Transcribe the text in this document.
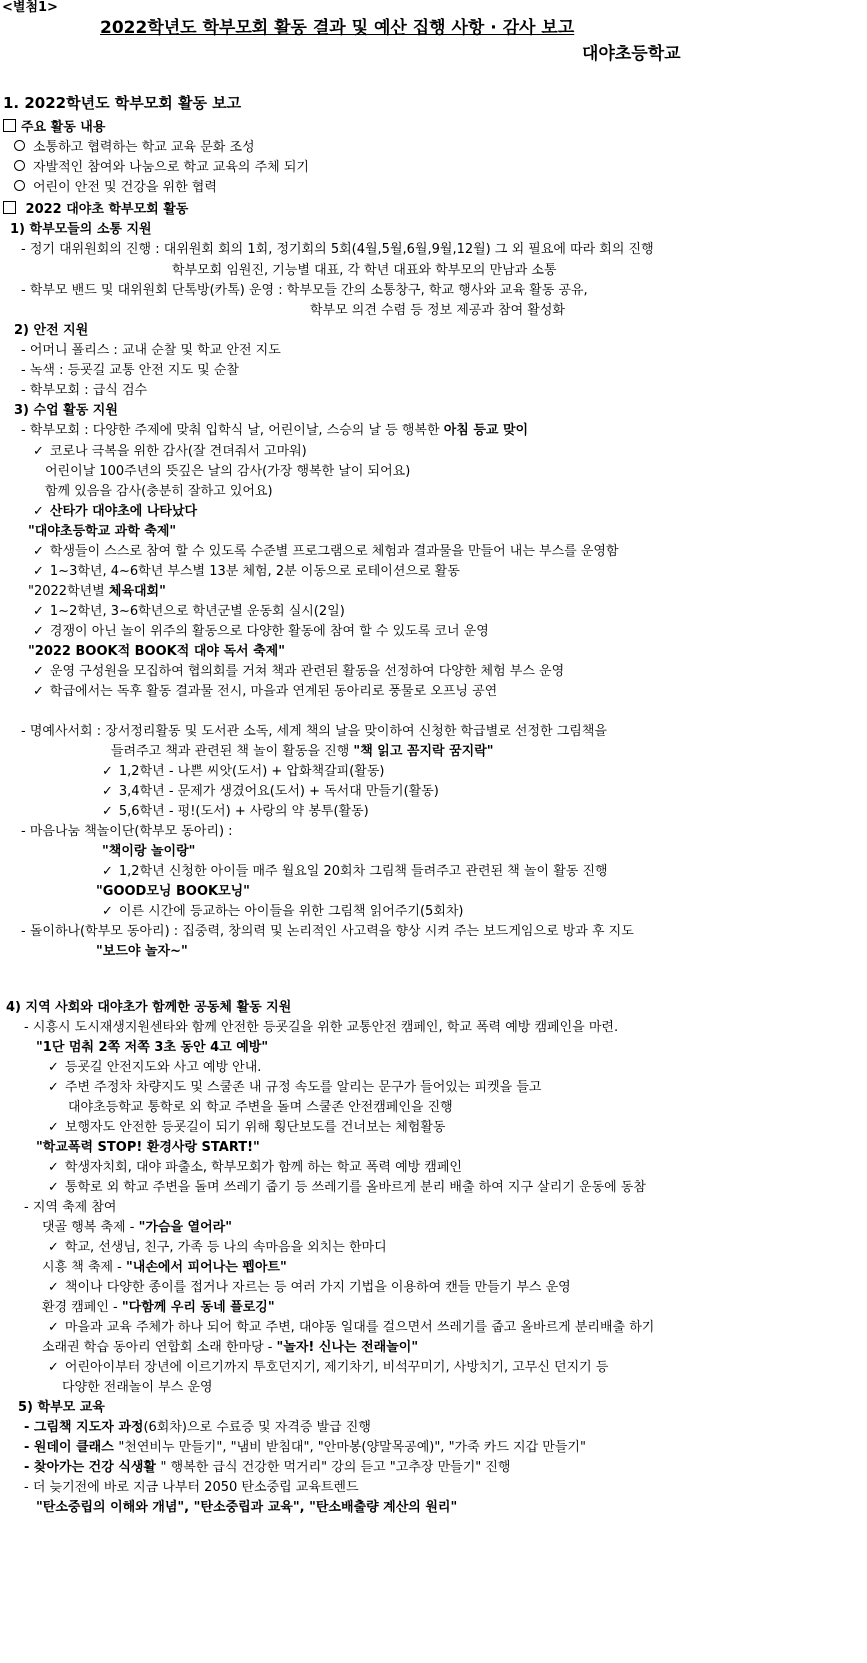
<별첨1>
2022학년도 학부모회 활동 결과 및 예산 집행 사항 · 감사 보고
대야초등학교
1. 2022학년도 학부모회 활동 보고
주요 활동 내용
소통하고 협력하는 학교 교육 문화 조성
자발적인 참여와 나눔으로 학교 교육의 주체 되기
어린이 안전 및 건강을 위한 협력
2022 대야초 학부모회 활동
1) 학부모들의 소통 지원
- 정기 대위원회의 진행 : 대위원회 회의 1회, 정기회의 5회(4월,5월,6월,9월,12월) 그 외 필요에 따라 회의 진행
학부모회 임원진, 기능별 대표, 각 학년 대표와 학부모의 만남과 소통
- 학부모 밴드 및 대위원회 단톡방(카톡) 운영 : 학부모들 간의 소통창구, 학교 행사와 교육 활동 공유,
학부모 의견 수렴 등 정보 제공과 참여 활성화
2) 안전 지원
- 어머니 폴리스 : 교내 순찰 및 학교 안전 지도
- 녹색 : 등굣길 교통 안전 지도 및 순찰
- 학부모회 : 급식 검수
3) 수업 활동 지원
- 학부모회 : 다양한 주제에 맞춰 입학식 날, 어린이날, 스승의 날 등 행복한 아침 등교 맞이
✓ 코로나 극복을 위한 감사(잘 견뎌줘서 고마워)
어린이날 100주년의 뜻깊은 날의 감사(가장 행복한 날이 되어요)
함께 있음을 감사(충분히 잘하고 있어요)
✓ 산타가 대야초에 나타났다
"대야초등학교 과학 축제"
✓ 학생들이 스스로 참여 할 수 있도록 수준별 프로그램으로 체험과 결과물을 만들어 내는 부스를 운영함
✓ 1~3학년, 4~6학년 부스별 13분 체험, 2분 이동으로 로테이션으로 활동
"2022학년별 체육대회"
✓ 1~2학년, 3~6학년으로 학년군별 운동회 실시(2일)
✓ 경쟁이 아닌 놀이 위주의 활동으로 다양한 활동에 참여 할 수 있도록 코너 운영
"2022 BOOK적 BOOK적 대야 독서 축제"
✓ 운영 구성원을 모집하여 협의회를 거쳐 책과 관련된 활동을 선정하여 다양한 체험 부스 운영
✓ 학급에서는 독후 활동 결과물 전시, 마을과 연계된 동아리로 풍물로 오프닝 공연
- 명예사서회 : 장서정리활동 및 도서관 소독, 세계 책의 날을 맞이하여 신청한 학급별로 선정한 그림책을
들려주고 책과 관련된 책 놀이 활동을 진행 "책 읽고 꼼지락 꿈지락"
✓ 1,2학년 - 나쁜 씨앗(도서) + 압화책갈피(활동)
✓ 3,4학년 - 문제가 생겼어요(도서) + 독서대 만들기(활동)
✓ 5,6학년 - 펑!(도서) + 사랑의 약 봉투(활동)
- 마음나눔 책놀이단(학부모 동아리) :
"책이랑 놀이랑"
✓ 1,2학년 신청한 아이들 매주 월요일 20회차 그림책 들려주고 관련된 책 놀이 활동 진행
"GOOD모닝 BOOK모닝"
✓ 이른 시간에 등교하는 아이들을 위한 그림책 읽어주기(5회차)
- 돌이하나(학부모 동아리) : 집중력, 창의력 및 논리적인 사고력을 향상 시켜 주는 보드게임으로 방과 후 지도
"보드야 놀자~"
4) 지역 사회와 대야초가 함께한 공동체 활동 지원
- 시흥시 도시재생지원센타와 함께 안전한 등굣길을 위한 교통안전 캠페인, 학교 폭력 예방 캠페인을 마련.
"1단 멈춰 2쪽 저쪽 3초 동안 4고 예방"
✓ 등굣길 안전지도와 사고 예방 안내.
✓ 주변 주정차 차량지도 및 스쿨존 내 규정 속도를 알리는 문구가 들어있는 피켓을 들고
대야초등학교 통학로 외 학교 주변을 돌며 스쿨존 안전캠페인을 진행
✓ 보행자도 안전한 등굣길이 되기 위해 횡단보도를 건너보는 체험활동
"학교폭력 STOP! 환경사랑 START!"
✓ 학생자치회, 대야 파출소, 학부모회가 함께 하는 학교 폭력 예방 캠페인
✓ 통학로 외 학교 주변을 돌며 쓰레기 줍기 등 쓰레기를 올바르게 분리 배출 하여 지구 살리기 운동에 동참
- 지역 축제 참여
댓골 행복 축제 - "가슴을 열어라"
✓ 학교, 선생님, 친구, 가족 등 나의 속마음을 외치는 한마디
시흥 책 축제 - "내손에서 피어나는 펩아트"
✓ 책이나 다양한 종이를 접거나 자르는 등 여러 가지 기법을 이용하여 캔들 만들기 부스 운영
환경 캠페인 - "다함께 우리 동네 플로깅"
✓ 마을과 교육 주체가 하나 되어 학교 주변, 대야동 일대를 걸으면서 쓰레기를 줍고 올바르게 분리배출 하기
소래권 학습 동아리 연합회 소래 한마당 - "놀자! 신나는 전래놀이"
✓ 어린아이부터 장년에 이르기까지 투호던지기, 제기차기, 비석꾸미기, 사방치기, 고무신 던지기 등
다양한 전래놀이 부스 운영
5) 학부모 교육
- 그림책 지도자 과정(6회차)으로 수료증 및 자격증 발급 진행
- 원데이 클래스 "천연비누 만들기", "냄비 받침대", "안마봉(양말목공예)", "가죽 카드 지갑 만들기"
- 찾아가는 건강 식생활 " 행복한 급식 건강한 먹거리" 강의 듣고 "고추장 만들기" 진행
- 더 늦기전에 바로 지금 나부터 2050 탄소중립 교육트렌드
"탄소중립의 이해와 개념", "탄소중립과 교육", "탄소배출량 계산의 원리"
